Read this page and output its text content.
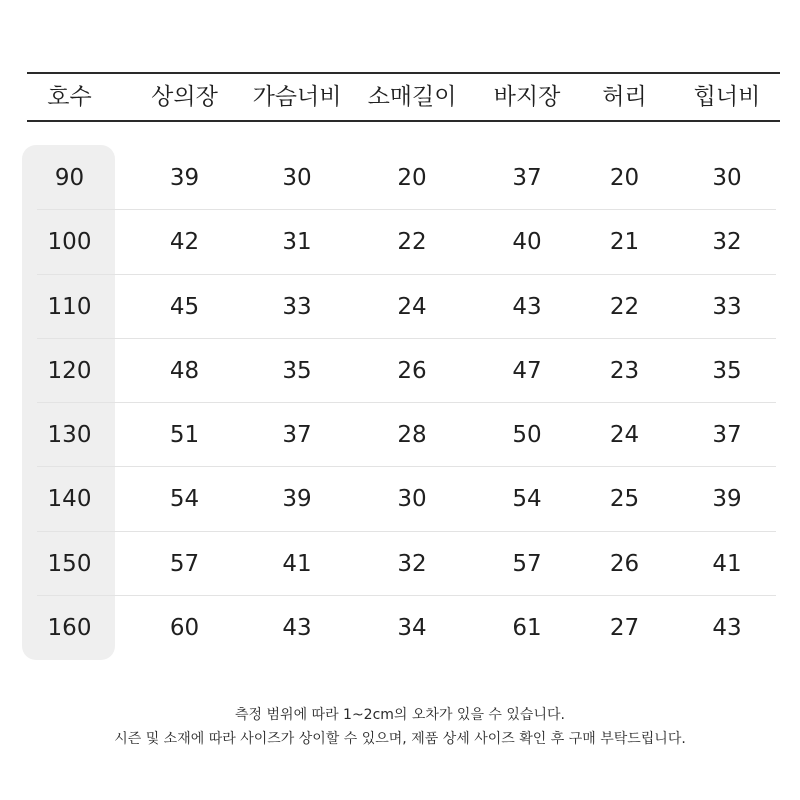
호수	상의장	가슴너비	소매길이	바지장	허리	힙너비
90	39	30	20	37	20	30
100	42	31	22	40	21	32
110	45	33	24	43	22	33
120	48	35	26	47	23	35
130	51	37	28	50	24	37
140	54	39	30	54	25	39
150	57	41	32	57	26	41
160	60	43	34	61	27	43
측정 범위에 따라 1~2cm의 오차가 있을 수 있습니다.
시즌 및 소재에 따라 사이즈가 상이할 수 있으며, 제품 상세 사이즈 확인 후 구매 부탁드립니다.
